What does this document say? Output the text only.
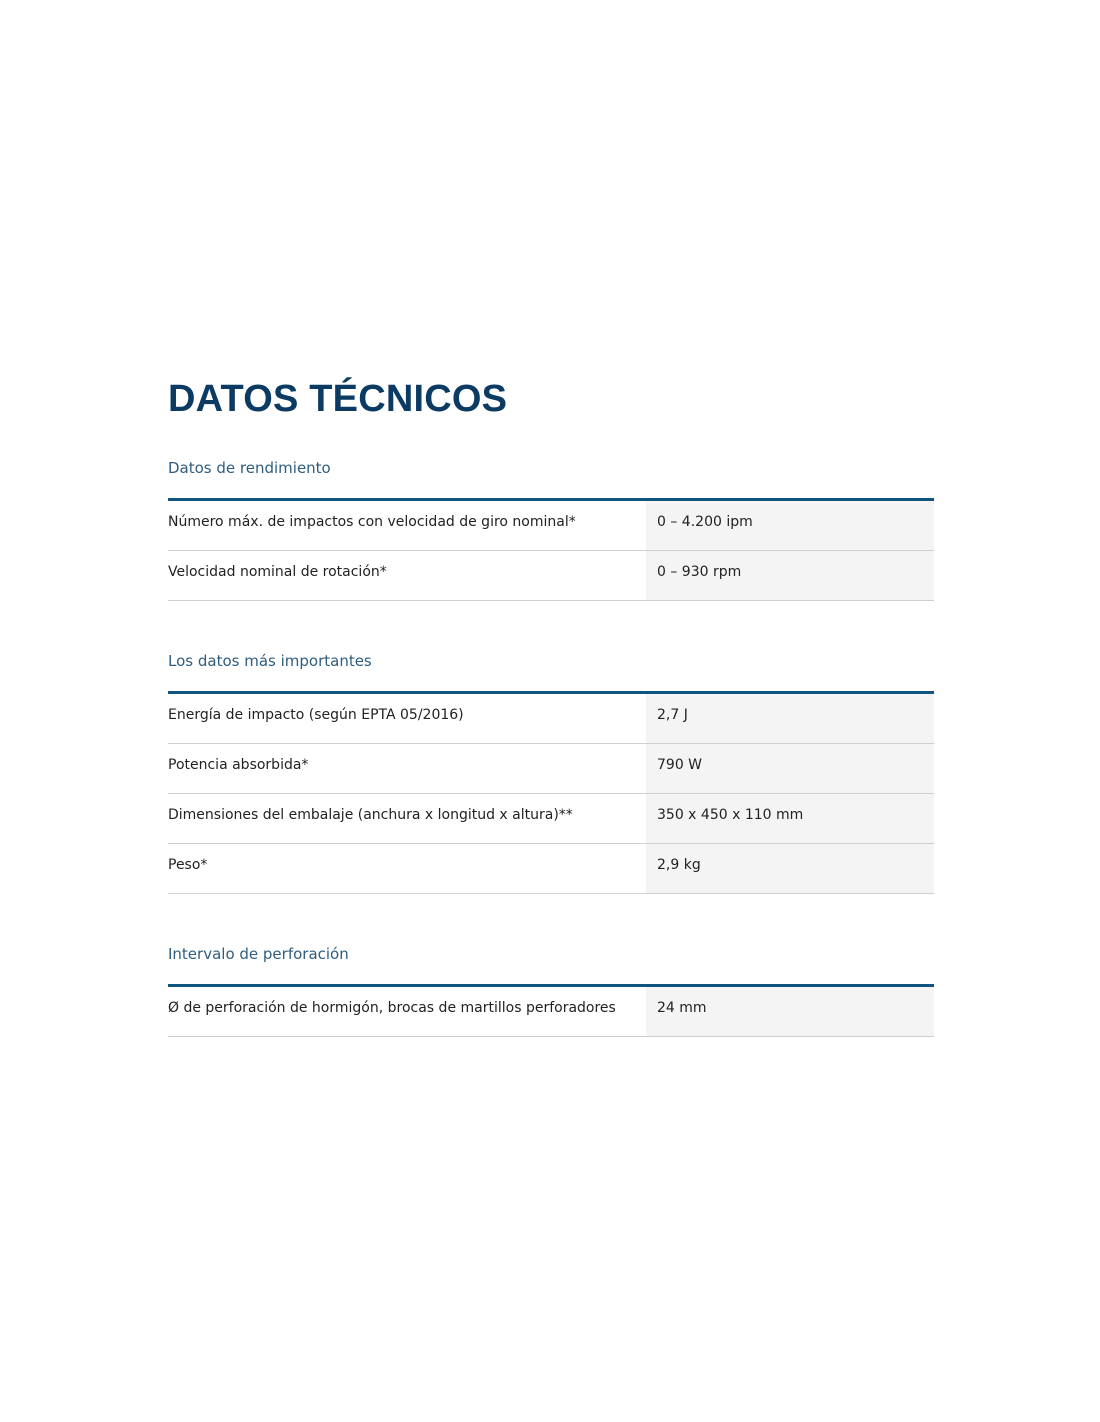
DATOS TÉCNICOS
Datos de rendimiento
Número máx. de impactos con velocidad de giro nominal*	0 – 4.200 ipm
Velocidad nominal de rotación*	0 – 930 rpm
Los datos más importantes
Energía de impacto (según EPTA 05/2016)	2,7 J
Potencia absorbida*	790 W
Dimensiones del embalaje (anchura x longitud x altura)**	350 x 450 x 110 mm
Peso*	2,9 kg
Intervalo de perforación
Ø de perforación de hormigón, brocas de martillos perforadores	24 mm
